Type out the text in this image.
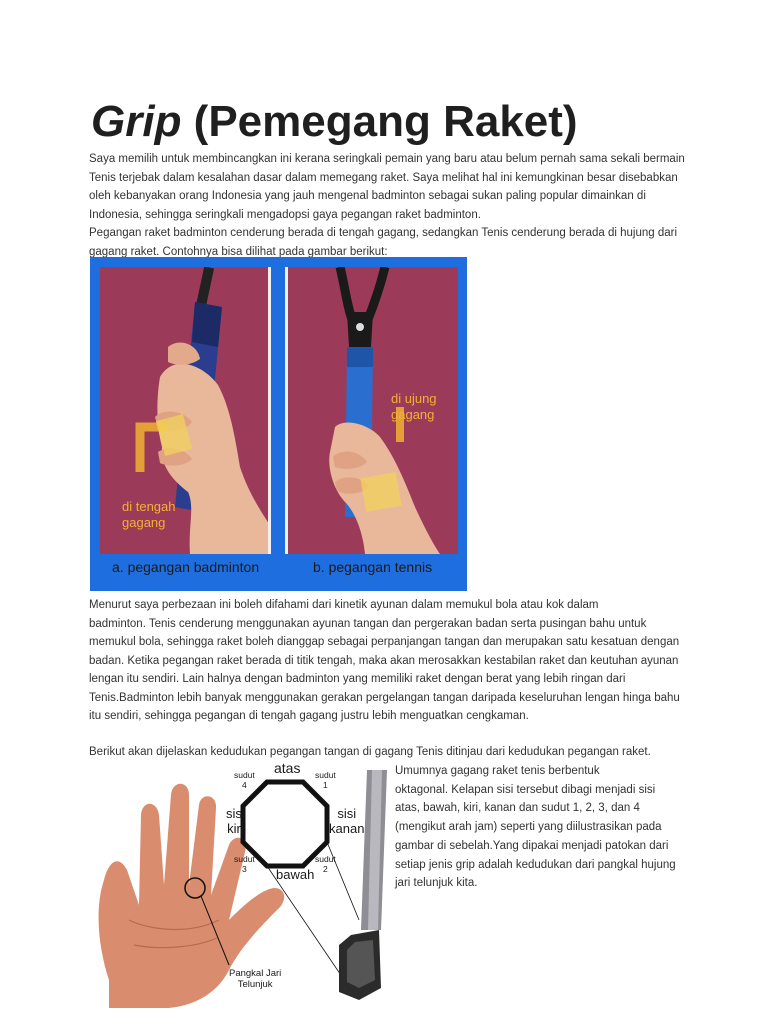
Grip (Pemegang Raket)
Saya memilih untuk membincangkan ini kerana seringkali pemain yang baru atau belum pernah sama sekali bermain
Tenis terjebak dalam kesalahan dasar dalam memegang raket. Saya melihat hal ini kemungkinan besar disebabkan
oleh kebanyakan orang Indonesia yang jauh mengenal badminton sebagai sukan paling popular dimainkan di
Indonesia, sehingga seringkali mengadopsi gaya pegangan raket badminton.
Pegangan raket badminton cenderung berada di tengah gagang, sedangkan Tenis cenderung berada di hujung dari
gagang raket. Contohnya bisa dilihat pada gambar berikut:
di tengah
gagang
di ujung
gagang
a. pegangan badminton	b. pegangan tennis
Menurut saya perbezaan ini boleh difahami dari kinetik ayunan dalam memukul bola atau kok dalam
badminton. Tenis cenderung menggunakan ayunan tangan dan pergerakan badan serta pusingan bahu untuk
memukul bola, sehingga raket boleh dianggap sebagai perpanjangan tangan dan merupakan satu kesatuan dengan
badan. Ketika pegangan raket berada di titik tengah, maka akan merosakkan kestabilan raket dan keutuhan ayunan
lengan itu sendiri. Lain halnya dengan badminton yang memiliki raket dengan berat yang lebih ringan dari
Tenis.Badminton lebih banyak menggunakan gerakan pergelangan tangan daripada keseluruhan lengan hinga bahu
itu sendiri, sehingga pegangan di tengah gagang justru lebih menguatkan cengkaman.
Berikut akan dijelaskan kedudukan pegangan tangan di gagang Tenis ditinjau dari kedudukan pegangan raket.
atas
bawah
sisi
kiri
sisi
kanan
sudut
4
sudut
1
sudut
3
sudut
2
Pangkal Jari
Telunjuk
Umumnya gagang raket tenis berbentuk
oktagonal. Kelapan sisi tersebut dibagi menjadi sisi
atas, bawah, kiri, kanan dan sudut 1, 2, 3, dan 4
(mengikut arah jam) seperti yang diilustrasikan pada
gambar di sebelah.Yang dipakai menjadi patokan dari
setiap jenis grip adalah kedudukan dari pangkal hujung
jari telunjuk kita.
